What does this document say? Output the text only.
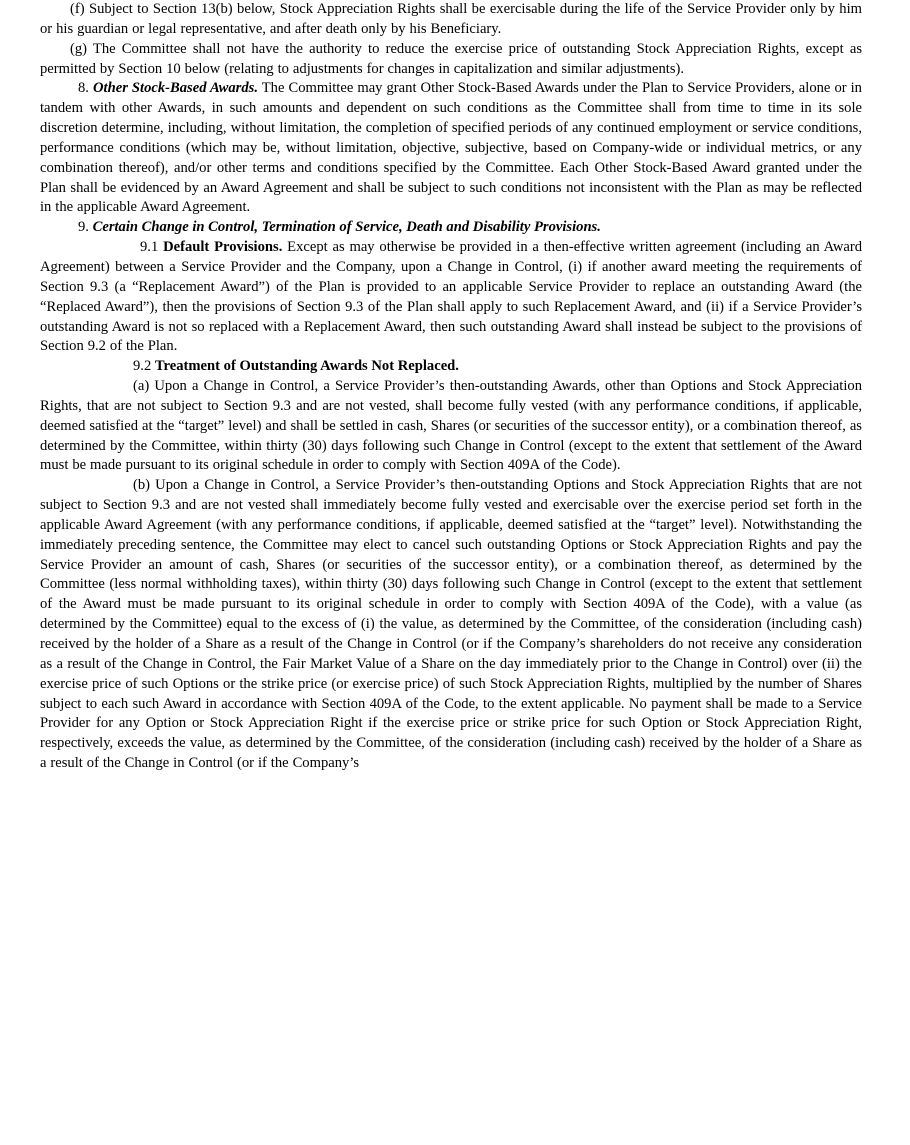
(f) Subject to Section 13(b) below, Stock Appreciation Rights shall be exercisable during the life of the Service Provider only by him or his guardian or legal representative, and after death only by his Beneficiary.

(g) The Committee shall not have the authority to reduce the exercise price of outstanding Stock Appreciation Rights, except as permitted by Section 10 below (relating to adjustments for changes in capitalization and similar adjustments).

8. Other Stock-Based Awards. The Committee may grant Other Stock-Based Awards under the Plan to Service Providers, alone or in tandem with other Awards, in such amounts and dependent on such conditions as the Committee shall from time to time in its sole discretion determine, including, without limitation, the completion of specified periods of any continued employment or service conditions, performance conditions (which may be, without limitation, objective, subjective, based on Company-wide or individual metrics, or any combination thereof), and/or other terms and conditions specified by the Committee. Each Other Stock-Based Award granted under the Plan shall be evidenced by an Award Agreement and shall be subject to such conditions not inconsistent with the Plan as may be reflected in the applicable Award Agreement.

9. Certain Change in Control, Termination of Service, Death and Disability Provisions.

9.1 Default Provisions. Except as may otherwise be provided in a then-effective written agreement (including an Award Agreement) between a Service Provider and the Company, upon a Change in Control, (i) if another award meeting the requirements of Section 9.3 (a “Replacement Award”) of the Plan is provided to an applicable Service Provider to replace an outstanding Award (the “Replaced Award”), then the provisions of Section 9.3 of the Plan shall apply to such Replacement Award, and (ii) if a Service Provider’s outstanding Award is not so replaced with a Replacement Award, then such outstanding Award shall instead be subject to the provisions of Section 9.2 of the Plan.

9.2 Treatment of Outstanding Awards Not Replaced.

(a) Upon a Change in Control, a Service Provider’s then-outstanding Awards, other than Options and Stock Appreciation Rights, that are not subject to Section 9.3 and are not vested, shall become fully vested (with any performance conditions, if applicable, deemed satisfied at the “target” level) and shall be settled in cash, Shares (or securities of the successor entity), or a combination thereof, as determined by the Committee, within thirty (30) days following such Change in Control (except to the extent that settlement of the Award must be made pursuant to its original schedule in order to comply with Section 409A of the Code).

(b) Upon a Change in Control, a Service Provider’s then-outstanding Options and Stock Appreciation Rights that are not subject to Section 9.3 and are not vested shall immediately become fully vested and exercisable over the exercise period set forth in the applicable Award Agreement (with any performance conditions, if applicable, deemed satisfied at the “target” level). Notwithstanding the immediately preceding sentence, the Committee may elect to cancel such outstanding Options or Stock Appreciation Rights and pay the Service Provider an amount of cash, Shares (or securities of the successor entity), or a combination thereof, as determined by the Committee (less normal withholding taxes), within thirty (30) days following such Change in Control (except to the extent that settlement of the Award must be made pursuant to its original schedule in order to comply with Section 409A of the Code), with a value (as determined by the Committee) equal to the excess of (i) the value, as determined by the Committee, of the consideration (including cash) received by the holder of a Share as a result of the Change in Control (or if the Company’s shareholders do not receive any consideration as a result of the Change in Control, the Fair Market Value of a Share on the day immediately prior to the Change in Control) over (ii) the exercise price of such Options or the strike price (or exercise price) of such Stock Appreciation Rights, multiplied by the number of Shares subject to each such Award in accordance with Section 409A of the Code, to the extent applicable. No payment shall be made to a Service Provider for any Option or Stock Appreciation Right if the exercise price or strike price for such Option or Stock Appreciation Right, respectively, exceeds the value, as determined by the Committee, of the consideration (including cash) received by the holder of a Share as a result of the Change in Control (or if the Company’s
